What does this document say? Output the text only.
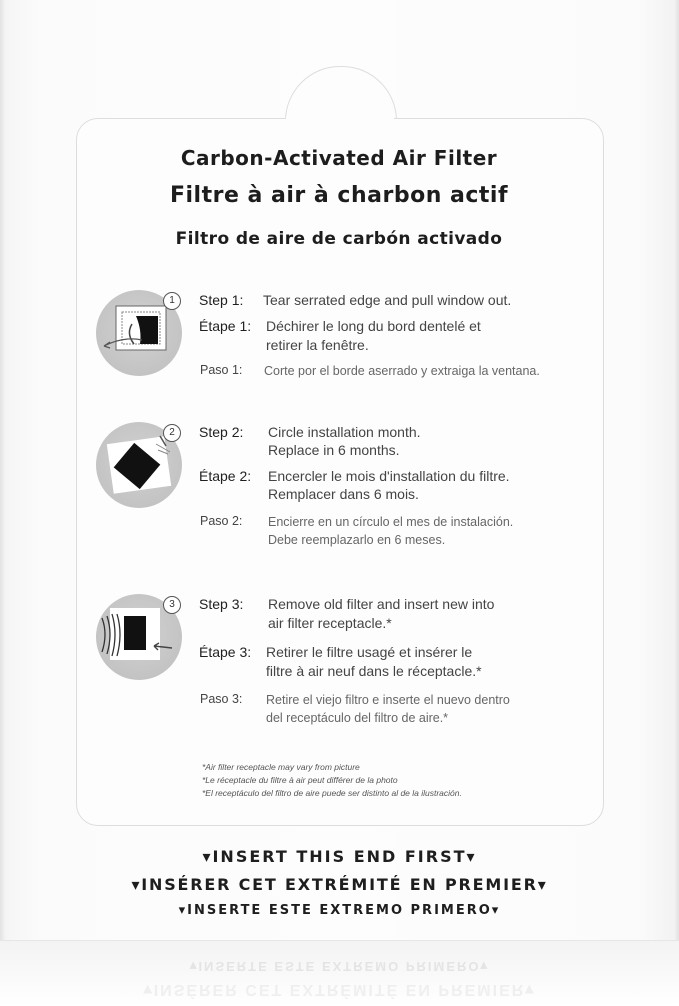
Carbon-Activated Air Filter
Filtre à air à charbon actif
Filtro de aire de carbón activado
1	Step 1: Tear serrated edge and pull window out.
Étape 1: Déchirer le long du bord dentelé et
retirer la fenêtre.
Paso 1: Corte por el borde aserrado y extraiga la ventana.
2	Step 2: Circle installation month.
Replace in 6 months.
Étape 2: Encercler le mois d'installation du filtre.
Remplacer dans 6 mois.
Paso 2: Encierre en un círculo el mes de instalación.
Debe reemplazarlo en 6 meses.
3	Step 3: Remove old filter and insert new into
air filter receptacle.*
Étape 3: Retirer le filtre usagé et insérer le
filtre à air neuf dans le réceptacle.*
Paso 3: Retire el viejo filtro e inserte el nuevo dentro
del receptáculo del filtro de aire.*
*Air filter receptacle may vary from picture
*Le réceptacle du filtre à air peut différer de la photo
*El receptáculo del filtro de aire puede ser distinto al de la ilustración.
▾INSERT THIS END FIRST▾
▾INSÉRER CET EXTRÉMITÉ EN PREMIER▾
▾INSERTE ESTE EXTREMO PRIMERO▾
▾INSERTE ESTE EXTREMO PRIMERO▾
▾INSÉRER CET EXTRÉMITÉ EN PREMIER▾
